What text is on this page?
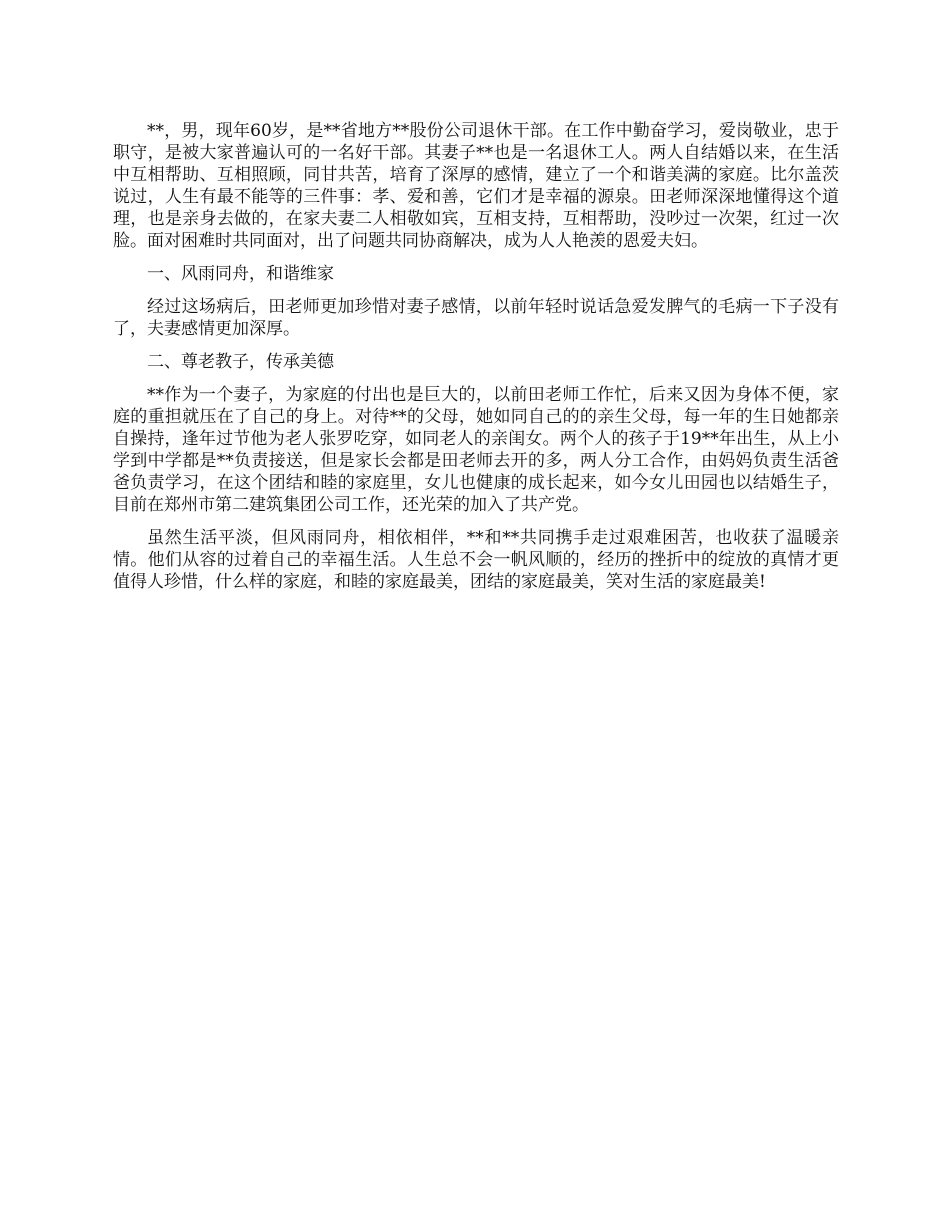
**，男，现年60岁，是**省地方**股份公司退休干部。在工作中勤奋学习，爱岗敬业，忠于职守，是被大家普遍认可的一名好干部。其妻子**也是一名退休工人。两人自结婚以来，在生活中互相帮助、互相照顾，同甘共苦，培育了深厚的感情，建立了一个和谐美满的家庭。比尔盖茨说过，人生有最不能等的三件事：孝、爱和善，它们才是幸福的源泉。田老师深深地懂得这个道理，也是亲身去做的，在家夫妻二人相敬如宾，互相支持，互相帮助，没吵过一次架，红过一次脸。面对困难时共同面对，出了问题共同协商解决，成为人人艳羡的恩爱夫妇。

一、风雨同舟，和谐维家

经过这场病后，田老师更加珍惜对妻子感情，以前年轻时说话急爱发脾气的毛病一下子没有了，夫妻感情更加深厚。

二、尊老教子，传承美德

**作为一个妻子，为家庭的付出也是巨大的，以前田老师工作忙，后来又因为身体不便，家庭的重担就压在了自己的身上。对待**的父母，她如同自己的的亲生父母，每一年的生日她都亲自操持，逢年过节他为老人张罗吃穿，如同老人的亲闺女。两个人的孩子于19**年出生，从上小学到中学都是**负责接送，但是家长会都是田老师去开的多，两人分工合作，由妈妈负责生活爸爸负责学习，在这个团结和睦的家庭里，女儿也健康的成长起来，如今女儿田园也以结婚生子，目前在郑州市第二建筑集团公司工作，还光荣的加入了共产党。

虽然生活平淡，但风雨同舟，相依相伴，**和**共同携手走过艰难困苦，也收获了温暖亲情。他们从容的过着自己的幸福生活。人生总不会一帆风顺的，经历的挫折中的绽放的真情才更值得人珍惜，什么样的家庭，和睦的家庭最美，团结的家庭最美，笑对生活的家庭最美!
